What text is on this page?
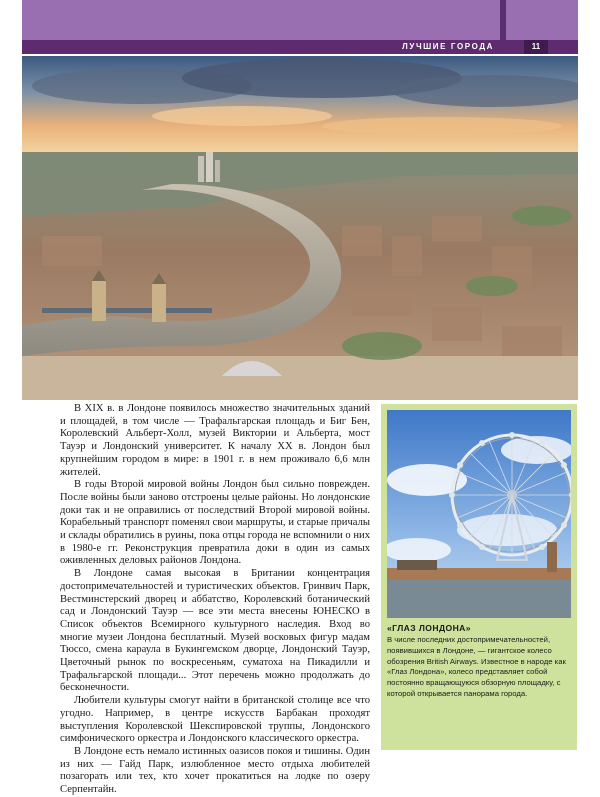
ЛУЧШИЕ ГОРОДА	11

В XIX в. в Лондоне появилось множество значительных зданий и площадей, в том числе — Трафальгарская площадь и Биг Бен, Королевский Альберт-Холл, музей Виктории и Альберта, мост Тауэр и Лондонский университет. К началу XX в. Лондон был крупнейшим городом в мире: в 1901 г. в нем проживало 6,6 млн жителей.

В годы Второй мировой войны Лондон был сильно поврежден. После войны были заново отстроены целые районы. Но лондонские доки так и не оправились от последствий Второй мировой войны. Корабельный транспорт поменял свои маршруты, и старые причалы и склады обратились в руины, пока отцы города не вспомнили о них в 1980-е гг. Реконструкция превратила доки в один из самых оживленных деловых районов Лондона.

В Лондоне самая высокая в Британии концентрация достопримечательностей и туристических объектов. Гринвич Парк, Вестминстерский дворец и аббатство, Королевский ботанический сад и Лондонский Тауэр — все эти места внесены ЮНЕСКО в Список объектов Всемирного культурного наследия. Вход во многие музеи Лондона бесплатный. Музей восковых фигур мадам Тюссо, смена караула в Букингемском дворце, Лондонский Тауэр, Цветочный рынок по воскресеньям, суматоха на Пикадилли и Трафальгарской площади... Этот перечень можно продолжать до бесконечности.

Любители культуры смогут найти в британской столице все что угодно. Например, в центре искусств Барбакан проходят выступления Королевской Шекспировской труппы, Лондонского симфонического оркестра и Лондонского классического оркестра.

В Лондоне есть немало истинных оазисов покоя и тишины. Один из них — Гайд Парк, излюбленное место отдыха любителей позагорать или тех, кто хочет прокатиться на лодке по озеру Серпентайн.

«ГЛАЗ ЛОНДОНА»
В числе последних достопримечательностей, появившихся в Лондоне, — гигантское колесо обозрения British Airways. Известное в народе как «Глаз Лондона», колесо представляет собой постоянно вращающуюся обзорную площадку, с которой открывается панорама города.
